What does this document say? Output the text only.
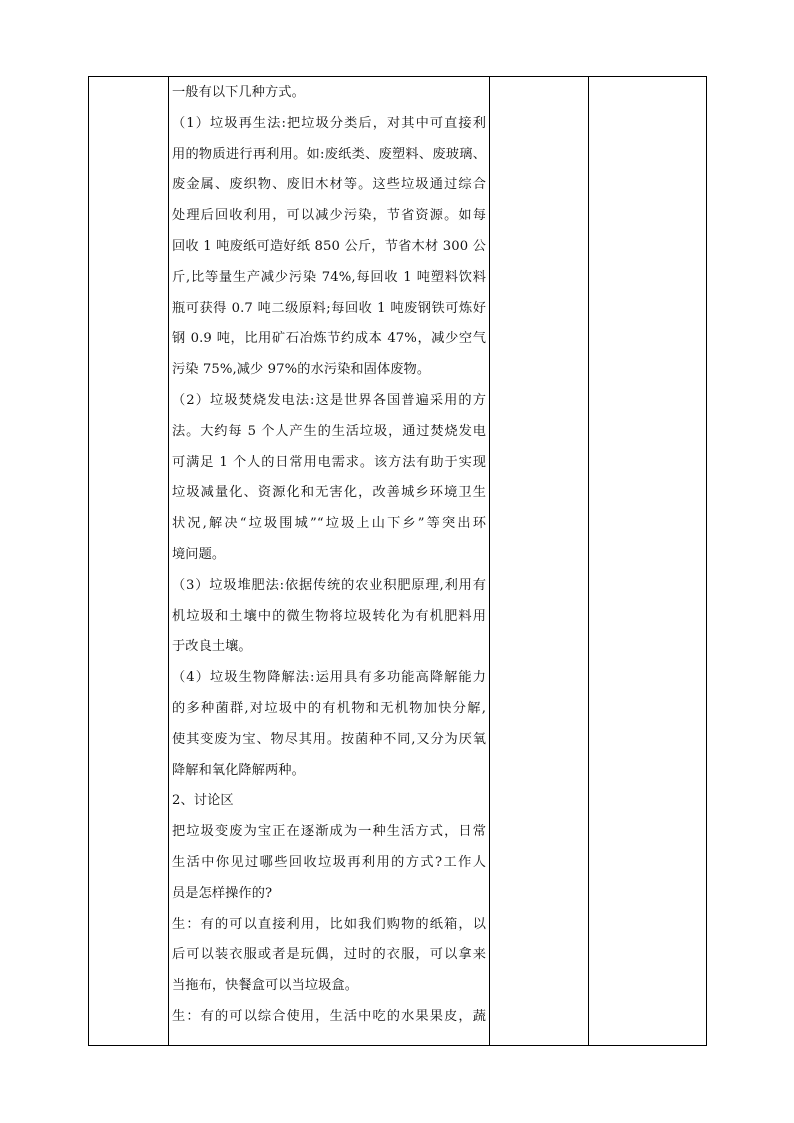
一般有以下几种方式。
（1）垃圾再生法:把垃圾分类后，对其中可直接利
用的物质进行再利用。如:废纸类、废塑料、废玻璃、
废金属、废织物、废旧木材等。这些垃圾通过综合
处理后回收利用，可以减少污染，节省资源。如每
回收 1 吨废纸可造好纸 850 公斤，节省木材 300 公
斤,比等量生产减少污染 74%,每回收 1 吨塑料饮料
瓶可获得 0.7 吨二级原料;每回收 1 吨废钢铁可炼好
钢 0.9 吨，比用矿石冶炼节约成本 47%，减少空气
污染 75%,减少 97%的水污染和固体废物。
（2）垃圾焚烧发电法:这是世界各国普遍采用的方
法。大约每 5 个人产生的生活垃圾，通过焚烧发电
可满足 1 个人的日常用电需求。该方法有助于实现
垃圾减量化、资源化和无害化，改善城乡环境卫生
状况,解决“垃圾围城”“垃圾上山下乡”等突出环
境问题。
（3）垃圾堆肥法:依据传统的农业积肥原理,利用有
机垃圾和土壤中的微生物将垃圾转化为有机肥料用
于改良土壤。
（4）垃圾生物降解法:运用具有多功能高降解能力
的多种菌群,对垃圾中的有机物和无机物加快分解,
使其变废为宝、物尽其用。按菌种不同,又分为厌氧
降解和氧化降解两种。
2、讨论区
把垃圾变废为宝正在逐渐成为一种生活方式，日常
生活中你见过哪些回收垃圾再利用的方式?工作人
员是怎样操作的?
生：有的可以直接利用，比如我们购物的纸箱，以
后可以装衣服或者是玩偶，过时的衣服，可以拿来
当拖布，快餐盒可以当垃圾盒。
生：有的可以综合使用，生活中吃的水果果皮，蔬
